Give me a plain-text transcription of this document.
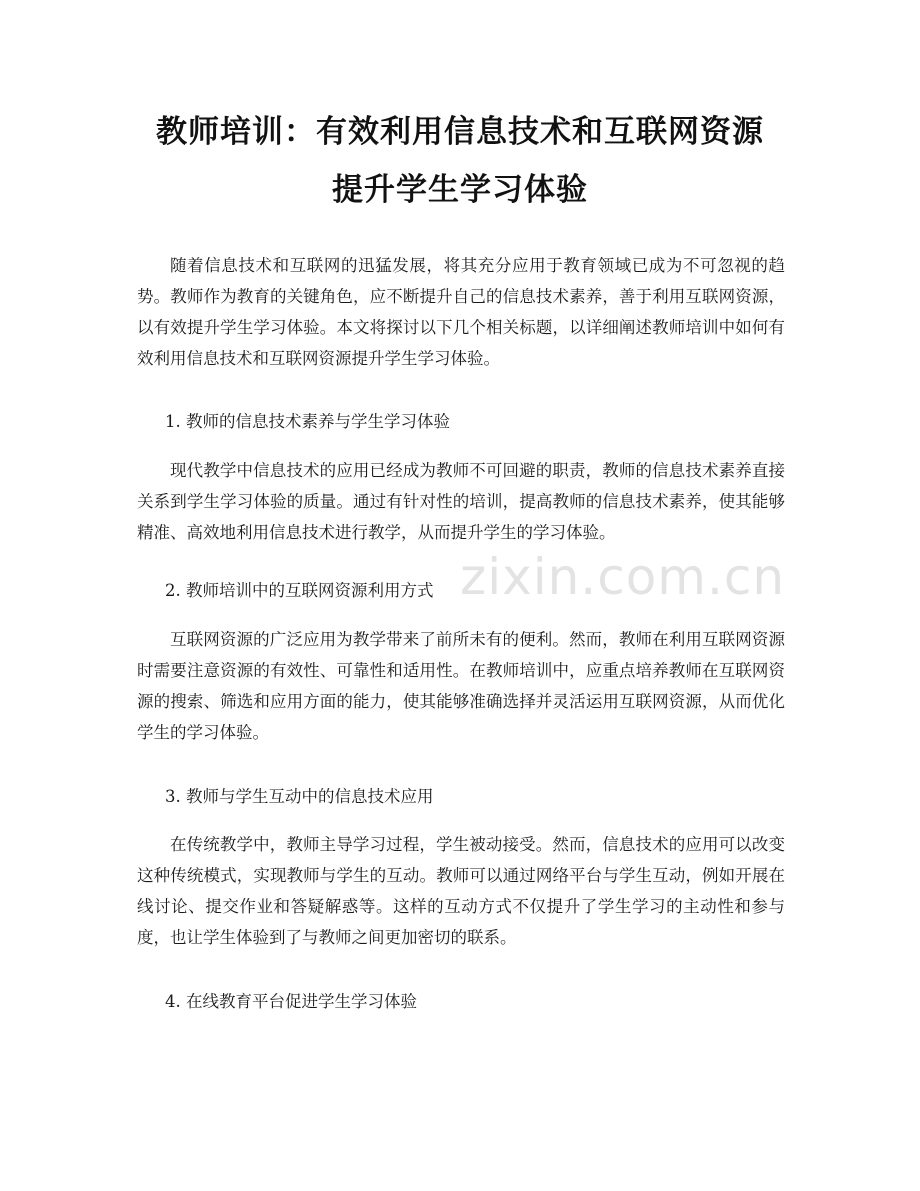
zixin.com.cn
教师培训：有效利用信息技术和互联网资源
提升学生学习体验

随着信息技术和互联网的迅猛发展，将其充分应用于教育领域已成为不可忽视的趋势。教师作为教育的关键角色，应不断提升自己的信息技术素养，善于利用互联网资源，以有效提升学生学习体验。本文将探讨以下几个相关标题，以详细阐述教师培训中如何有效利用信息技术和互联网资源提升学生学习体验。

1. 教师的信息技术素养与学生学习体验

现代教学中信息技术的应用已经成为教师不可回避的职责，教师的信息技术素养直接关系到学生学习体验的质量。通过有针对性的培训，提高教师的信息技术素养，使其能够精准、高效地利用信息技术进行教学，从而提升学生的学习体验。

2. 教师培训中的互联网资源利用方式

互联网资源的广泛应用为教学带来了前所未有的便利。然而，教师在利用互联网资源时需要注意资源的有效性、可靠性和适用性。在教师培训中，应重点培养教师在互联网资源的搜索、筛选和应用方面的能力，使其能够准确选择并灵活运用互联网资源，从而优化学生的学习体验。

3. 教师与学生互动中的信息技术应用

在传统教学中，教师主导学习过程，学生被动接受。然而，信息技术的应用可以改变这种传统模式，实现教师与学生的互动。教师可以通过网络平台与学生互动，例如开展在线讨论、提交作业和答疑解惑等。这样的互动方式不仅提升了学生学习的主动性和参与度，也让学生体验到了与教师之间更加密切的联系。

4. 在线教育平台促进学生学习体验
